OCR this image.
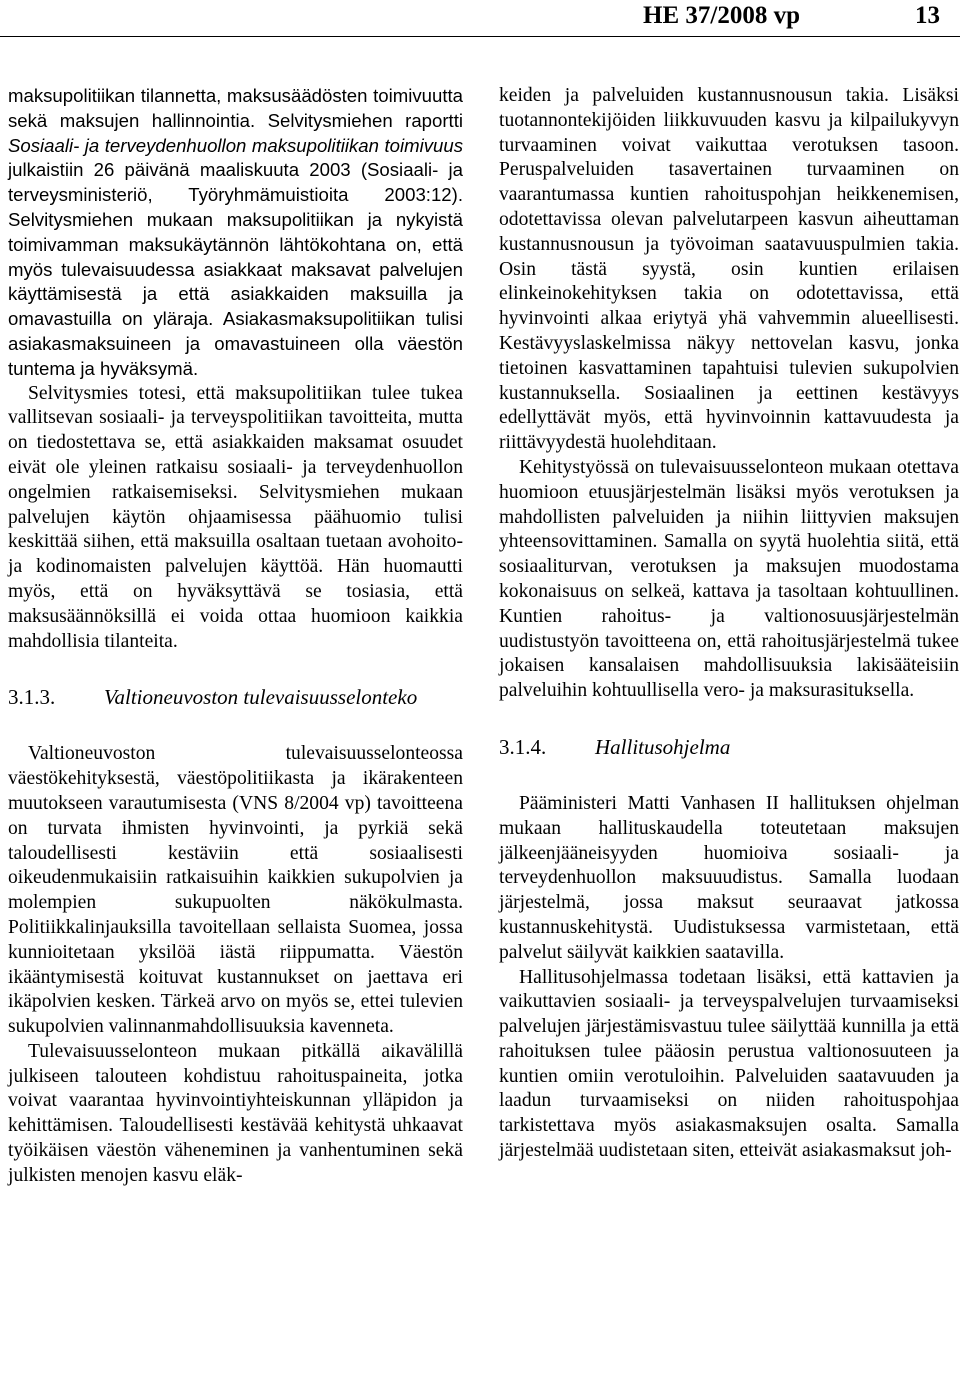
HE 37/2008 vp	13

maksupolitiikan tilannetta, maksusäädösten toimivuutta sekä maksujen hallinnointia. Selvitysmiehen raportti Sosiaali- ja terveydenhuollon maksupolitiikan toimivuus julkaistiin 26 päivänä maaliskuuta 2003 (Sosiaali- ja terveysministeriö, Työryhmämuistioita 2003:12). Selvitysmiehen mukaan maksupolitiikan ja nykyistä toimivamman maksukäytännön lähtökohtana on, että myös tulevaisuudessa asiakkaat maksavat palvelujen käyttämisestä ja että asiakkaiden maksuilla ja omavastuilla on yläraja. Asiakasmaksupolitiikan tulisi asiakasmaksuineen ja omavastuineen olla väestön tuntema ja hyväksymä.

Selvitysmies totesi, että maksupolitiikan tulee tukea vallitsevan sosiaali- ja terveyspolitiikan tavoitteita, mutta on tiedostettava se, että asiakkaiden maksamat osuudet eivät ole yleinen ratkaisu sosiaali- ja terveydenhuollon ongelmien ratkaisemiseksi. Selvitysmiehen mukaan palvelujen käytön ohjaamisessa päähuomio tulisi keskittää siihen, että maksuilla osaltaan tuetaan avohoito- ja kodinomaisten palvelujen käyttöä. Hän huomautti myös, että on hyväksyttävä se tosiasia, että maksusäännöksillä ei voida ottaa huomioon kaikkia mahdollisia tilanteita.

3.1.3.	Valtioneuvoston tulevaisuusselonteko

Valtioneuvoston tulevaisuusselonteossa väestökehityksestä, väestöpolitiikasta ja ikärakenteen muutokseen varautumisesta (VNS 8/2004 vp) tavoitteena on turvata ihmisten hyvinvointi, ja pyrkiä sekä taloudellisesti kestäviin että sosiaalisesti oikeudenmukaisiin ratkaisuihin kaikkien sukupolvien ja molempien sukupuolten näkökulmasta. Politiikkalinjauksilla tavoitellaan sellaista Suomea, jossa kunnioitetaan yksilöä iästä riippumatta. Väestön ikääntymisestä koituvat kustannukset on jaettava eri ikäpolvien kesken. Tärkeä arvo on myös se, ettei tulevien sukupolvien valinnanmahdollisuuksia kavenneta.

Tulevaisuusselonteon mukaan pitkällä aikavälillä julkiseen talouteen kohdistuu rahoituspaineita, jotka voivat vaarantaa hyvinvointiyhteiskunnan ylläpidon ja kehittämisen. Taloudellisesti kestävää kehitystä uhkaavat työikäisen väestön väheneminen ja vanhentuminen sekä julkisten menojen kasvu eläk-

keiden ja palveluiden kustannusnousun takia. Lisäksi tuotannontekijöiden liikkuvuuden kasvu ja kilpailukyvyn turvaaminen voivat vaikuttaa verotuksen tasoon. Peruspalveluiden tasavertainen turvaaminen on vaarantumassa kuntien rahoituspohjan heikkenemisen, odotettavissa olevan palvelutarpeen kasvun aiheuttaman kustannusnousun ja työvoiman saatavuuspulmien takia. Osin tästä syystä, osin kuntien erilaisen elinkeinokehityksen takia on odotettavissa, että hyvinvointi alkaa eriytyä yhä vahvemmin alueellisesti. Kestävyyslaskelmissa näkyy nettovelan kasvu, jonka tietoinen kasvattaminen tapahtuisi tulevien sukupolvien kustannuksella. Sosiaalinen ja eettinen kestävyys edellyttävät myös, että hyvinvoinnin kattavuudesta ja riittävyydestä huolehditaan.

Kehitystyössä on tulevaisuusselonteon mukaan otettava huomioon etuusjärjestelmän lisäksi myös verotuksen ja mahdollisten palveluiden ja niihin liittyvien maksujen yhteensovittaminen. Samalla on syytä huolehtia siitä, että sosiaaliturvan, verotuksen ja maksujen muodostama kokonaisuus on selkeä, kattava ja tasoltaan kohtuullinen. Kuntien rahoitus- ja valtionosuusjärjestelmän uudistustyön tavoitteena on, että rahoitusjärjestelmä tukee jokaisen kansalaisen mahdollisuuksia lakisääteisiin palveluihin kohtuullisella vero- ja maksurasituksella.

3.1.4.	Hallitusohjelma

Pääministeri Matti Vanhasen II hallituksen ohjelman mukaan hallituskaudella toteutetaan maksujen jälkeenjääneisyyden huomioiva sosiaali- ja terveydenhuollon maksuuudistus. Samalla luodaan järjestelmä, jossa maksut seuraavat jatkossa kustannuskehitystä. Uudistuksessa varmistetaan, että palvelut säilyvät kaikkien saatavilla.

Hallitusohjelmassa todetaan lisäksi, että kattavien ja vaikuttavien sosiaali- ja terveyspalvelujen turvaamiseksi palvelujen järjestämisvastuu tulee säilyttää kunnilla ja että rahoituksen tulee pääosin perustua valtionosuuteen ja kuntien omiin verotuloihin. Palveluiden saatavuuden ja laadun turvaamiseksi on niiden rahoituspohjaa tarkistettava myös asiakasmaksujen osalta. Samalla järjestelmää uudistetaan siten, etteivät asiakasmaksut joh-
